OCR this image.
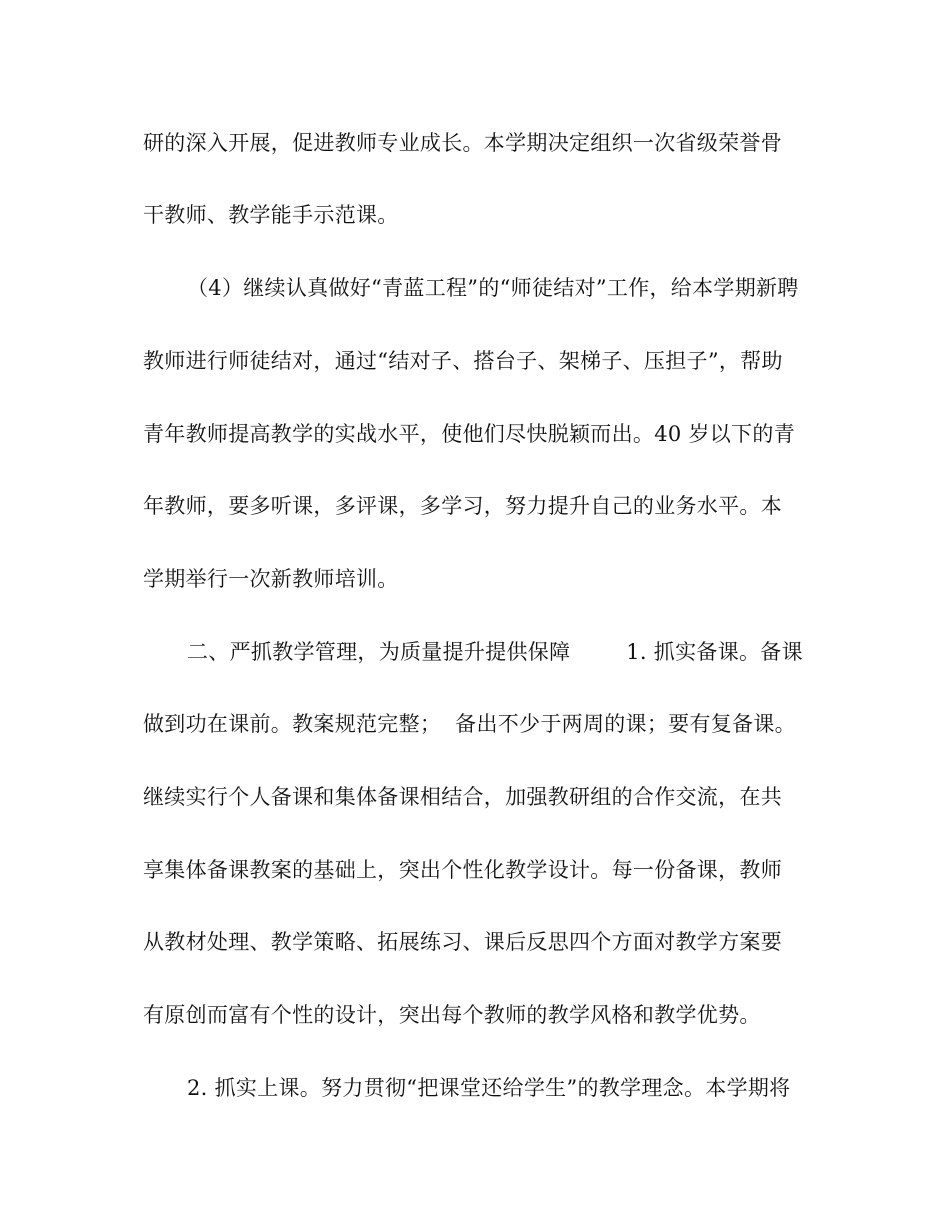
研的深入开展，促进教师专业成长。本学期决定组织一次省级荣誉骨

干教师、教学能手示范课。

（4）继续认真做好“青蓝工程”的“师徒结对”工作，给本学期新聘

教师进行师徒结对，通过“结对子、搭台子、架梯子、压担子”，帮助

青年教师提高教学的实战水平，使他们尽快脱颖而出。40 岁以下的青

年教师，要多听课，多评课，多学习，努力提升自己的业务水平。本

学期举行一次新教师培训。

二、严抓教学管理，为质量提升提供保障        1. 抓实备课。备课

做到功在课前。教案规范完整；  备出不少于两周的课；要有复备课。

继续实行个人备课和集体备课相结合，加强教研组的合作交流，在共

享集体备课教案的基础上，突出个性化教学设计。每一份备课，教师

从教材处理、教学策略、拓展练习、课后反思四个方面对教学方案要

有原创而富有个性的设计，突出每个教师的教学风格和教学优势。

2. 抓实上课。努力贯彻“把课堂还给学生”的教学理念。本学期将
